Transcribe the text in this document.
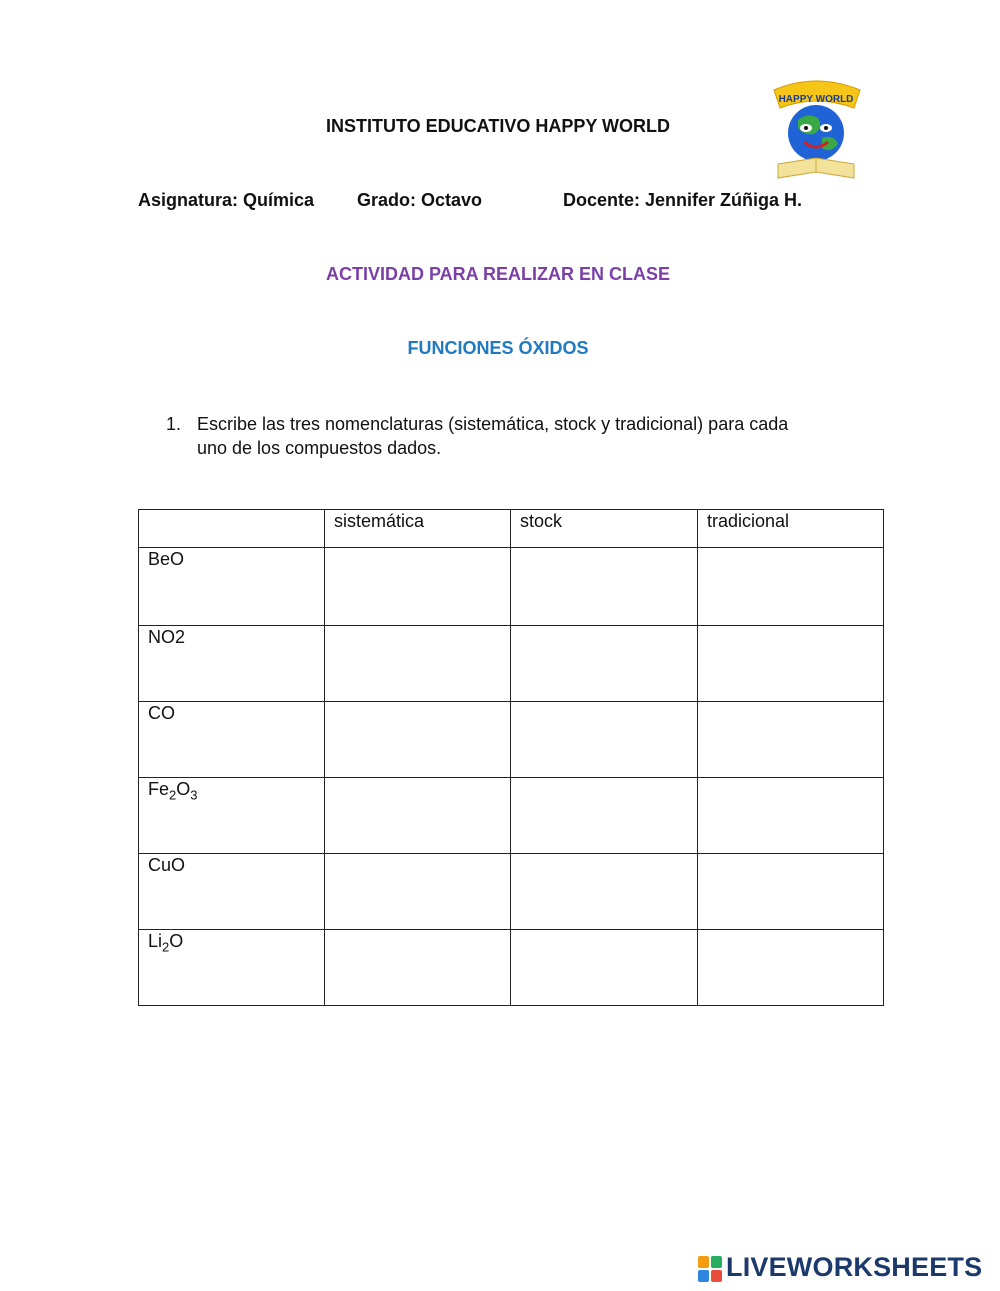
INSTITUTO EDUCATIVO HAPPY WORLD
HAPPY WORLD
Asignatura: Química Grado: Octavo	Docente: Jennifer Zúñiga H.
ACTIVIDAD PARA REALIZAR EN CLASE
FUNCIONES ÓXIDOS
1. Escribe las tres nomenclaturas (sistemática, stock y tradicional) para cada
uno de los compuestos dados.
	sistemática	stock	tradicional
BeO			
NO2			
CO			
$Fe_2O_3$			
CuO			
$Li_2O$			
LIVEWORKSHEETS
